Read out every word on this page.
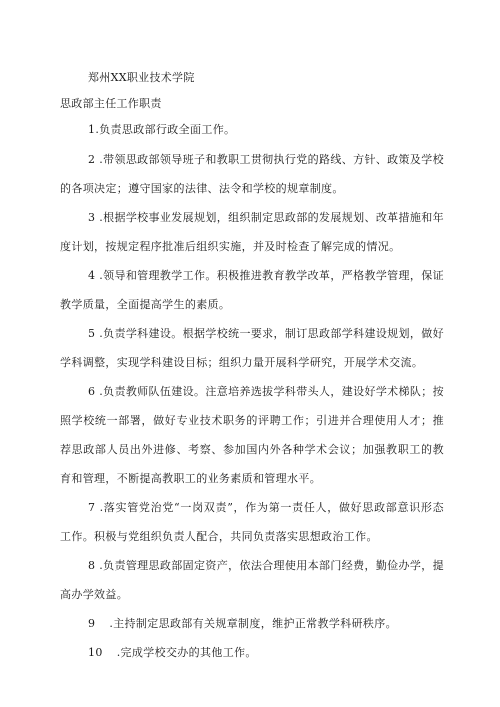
郑州XX职业技术学院

思政部主任工作职责

1.负责思政部行政全面工作。

2 .带领思政部领导班子和教职工贯彻执行党的路线、方针、政策及学校的各项决定；遵守国家的法律、法令和学校的规章制度。

3 .根据学校事业发展规划，组织制定思政部的发展规划、改革措施和年度计划，按规定程序批准后组织实施，并及时检查了解完成的情况。

4 .领导和管理教学工作。积极推进教育教学改革，严格教学管理，保证教学质量，全面提高学生的素质。

5 .负责学科建设。根据学校统一要求，制订思政部学科建设规划，做好学科调整，实现学科建设目标；组织力量开展科学研究，开展学术交流。

6 .负责教师队伍建设。注意培养选拔学科带头人，建设好学术梯队；按照学校统一部署，做好专业技术职务的评聘工作；引进并合理使用人才；推荐思政部人员出外进修、考察、参加国内外各种学术会议；加强教职工的教育和管理，不断提高教职工的业务素质和管理水平。

7 .落实管党治党“一岗双责”，作为第一责任人，做好思政部意识形态工作。积极与党组织负责人配合，共同负责落实思想政治工作。

8 .负责管理思政部固定资产，依法合理使用本部门经费，勤俭办学，提高办学效益。

9 .主持制定思政部有关规章制度，维护正常教学科研秩序。

10 .完成学校交办的其他工作。
